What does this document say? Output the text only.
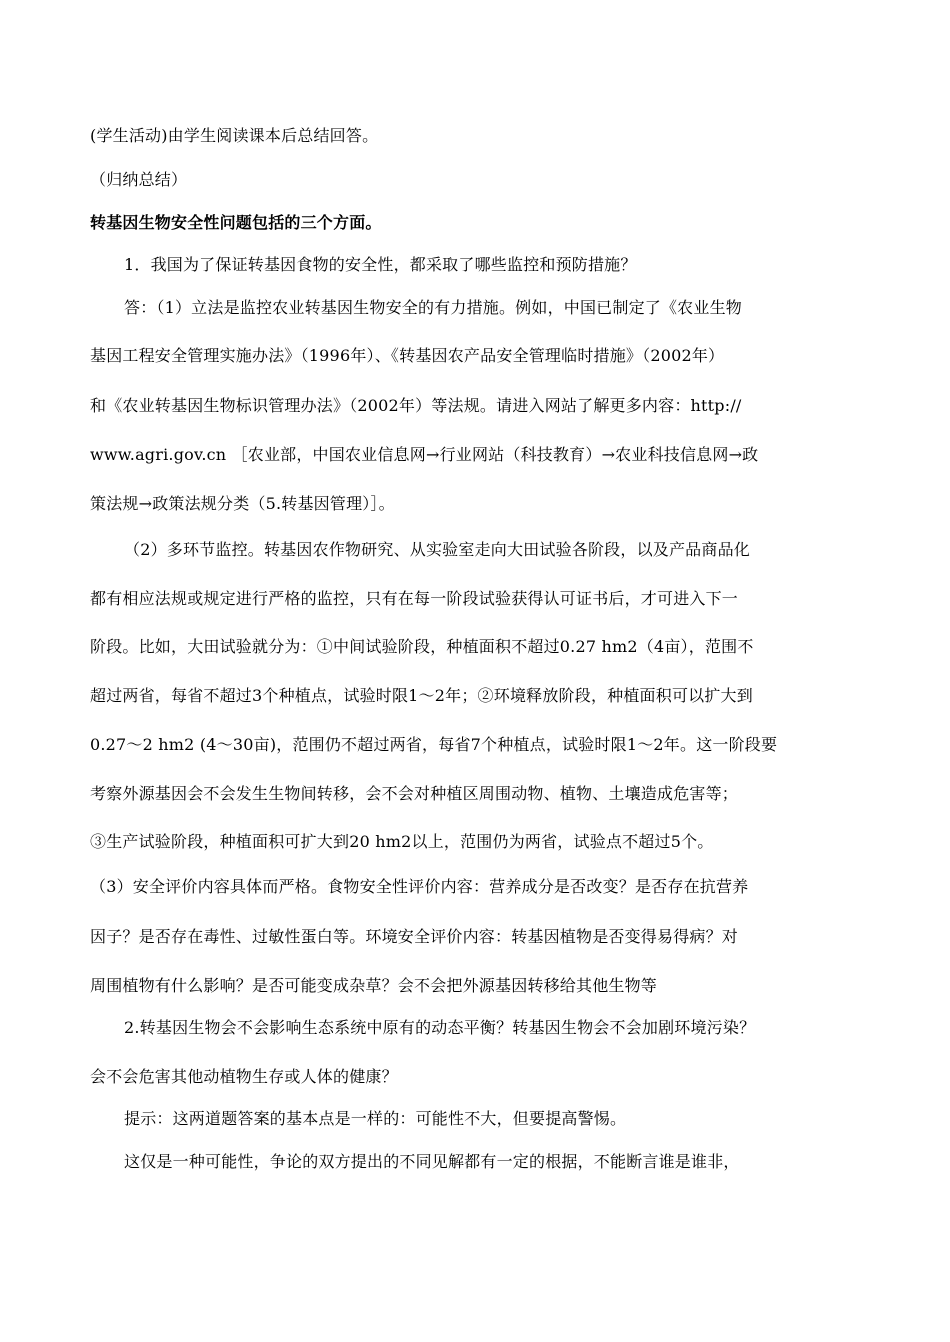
(学生活动)由学生阅读课本后总结回答。
（归纳总结）
转基因生物安全性问题包括的三个方面。
1．我国为了保证转基因食物的安全性，都采取了哪些监控和预防措施？
答：（1）立法是监控农业转基因生物安全的有力措施。例如，中国已制定了《农业生物
基因工程安全管理实施办法》（1996年）、《转基因农产品安全管理临时措施》（2002年）
和《农业转基因生物标识管理办法》（2002年）等法规。请进入网站了解更多内容：http://
www.agri.gov.cn ［农业部，中国农业信息网→行业网站（科技教育）→农业科技信息网→政
策法规→政策法规分类（5.转基因管理）］。
（2）多环节监控。转基因农作物研究、从实验室走向大田试验各阶段，以及产品商品化
都有相应法规或规定进行严格的监控，只有在每一阶段试验获得认可证书后，才可进入下一
阶段。比如，大田试验就分为：①中间试验阶段，种植面积不超过0.27 hm2（4亩），范围不
超过两省，每省不超过3个种植点，试验时限1～2年；②环境释放阶段，种植面积可以扩大到
0.27～2 hm2 (4～30亩)，范围仍不超过两省，每省7个种植点，试验时限1～2年。这一阶段要
考察外源基因会不会发生生物间转移，会不会对种植区周围动物、植物、土壤造成危害等；
③生产试验阶段，种植面积可扩大到20 hm2以上，范围仍为两省，试验点不超过5个。
（3）安全评价内容具体而严格。食物安全性评价内容：营养成分是否改变？是否存在抗营养
因子？是否存在毒性、过敏性蛋白等。环境安全评价内容：转基因植物是否变得易得病？对
周围植物有什么影响？是否可能变成杂草？会不会把外源基因转移给其他生物等
2.转基因生物会不会影响生态系统中原有的动态平衡？转基因生物会不会加剧环境污染？
会不会危害其他动植物生存或人体的健康？
提示：这两道题答案的基本点是一样的：可能性不大，但要提高警惕。
这仅是一种可能性，争论的双方提出的不同见解都有一定的根据，不能断言谁是谁非，
